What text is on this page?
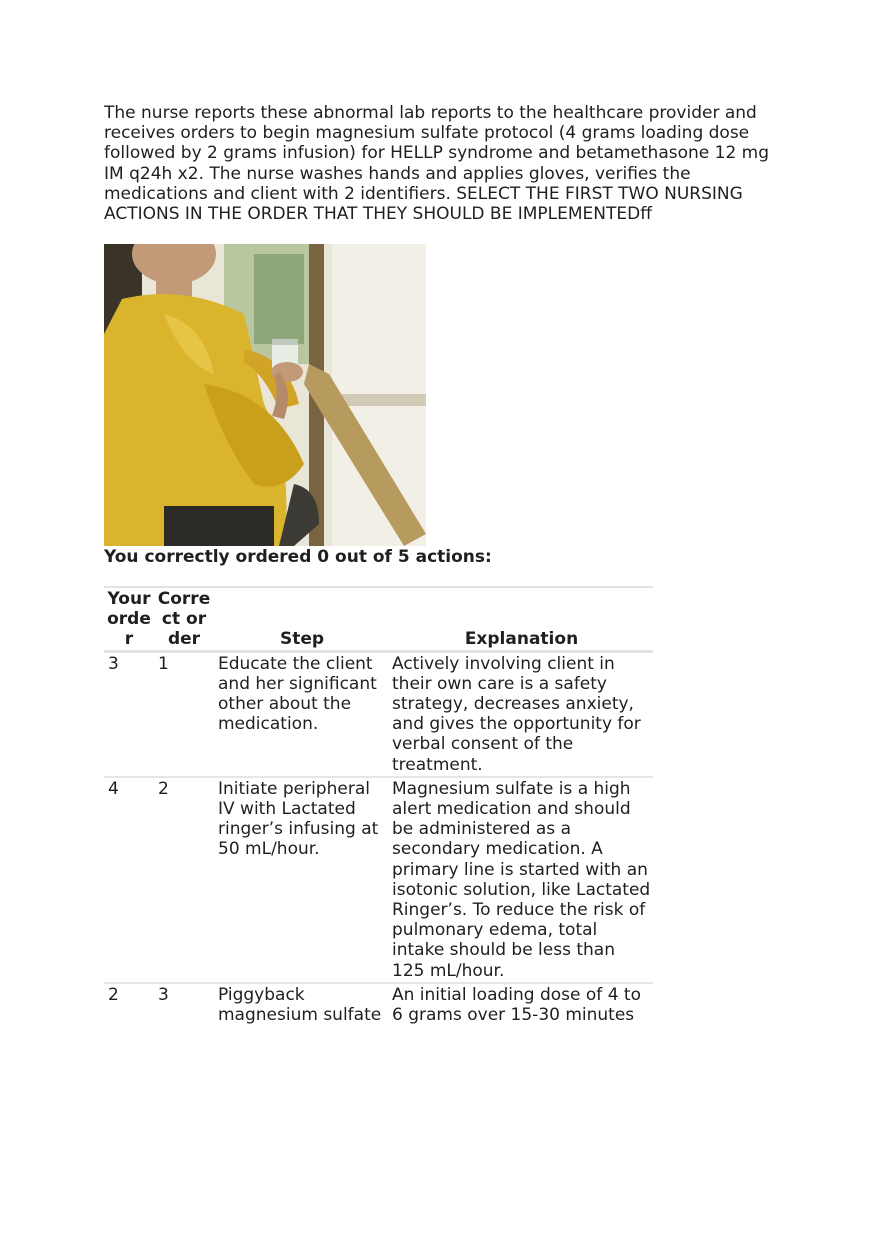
The nurse reports these abnormal lab reports to the healthcare provider and receives orders to begin magnesium sulfate protocol (4 grams loading dose followed by 2 grams infusion) for HELLP syndrome and betamethasone 12 mg IM q24h x2. The nurse washes hands and applies gloves, verifies the medications and client with 2 identifiers. SELECT THE FIRST TWO NURSING ACTIONS IN THE ORDER THAT THEY SHOULD BE IMPLEMENTEDff

You correctly ordered 0 out of 5 actions:
Your order	Correct order	Step	Explanation
3	1	Educate the client and her significant other about the medication.	Actively involving client in their own care is a safety strategy, decreases anxiety, and gives the opportunity for verbal consent of the treatment.
4	2	Initiate peripheral IV with Lactated ringer’s infusing at 50 mL/hour.	Magnesium sulfate is a high alert medication and should be administered as a secondary medication. A primary line is started with an isotonic solution, like Lactated Ringer’s. To reduce the risk of pulmonary edema, total intake should be less than 125 mL/hour.
2	3	Piggyback magnesium sulfate	An initial loading dose of 4 to 6 grams over 15-30 minutes
